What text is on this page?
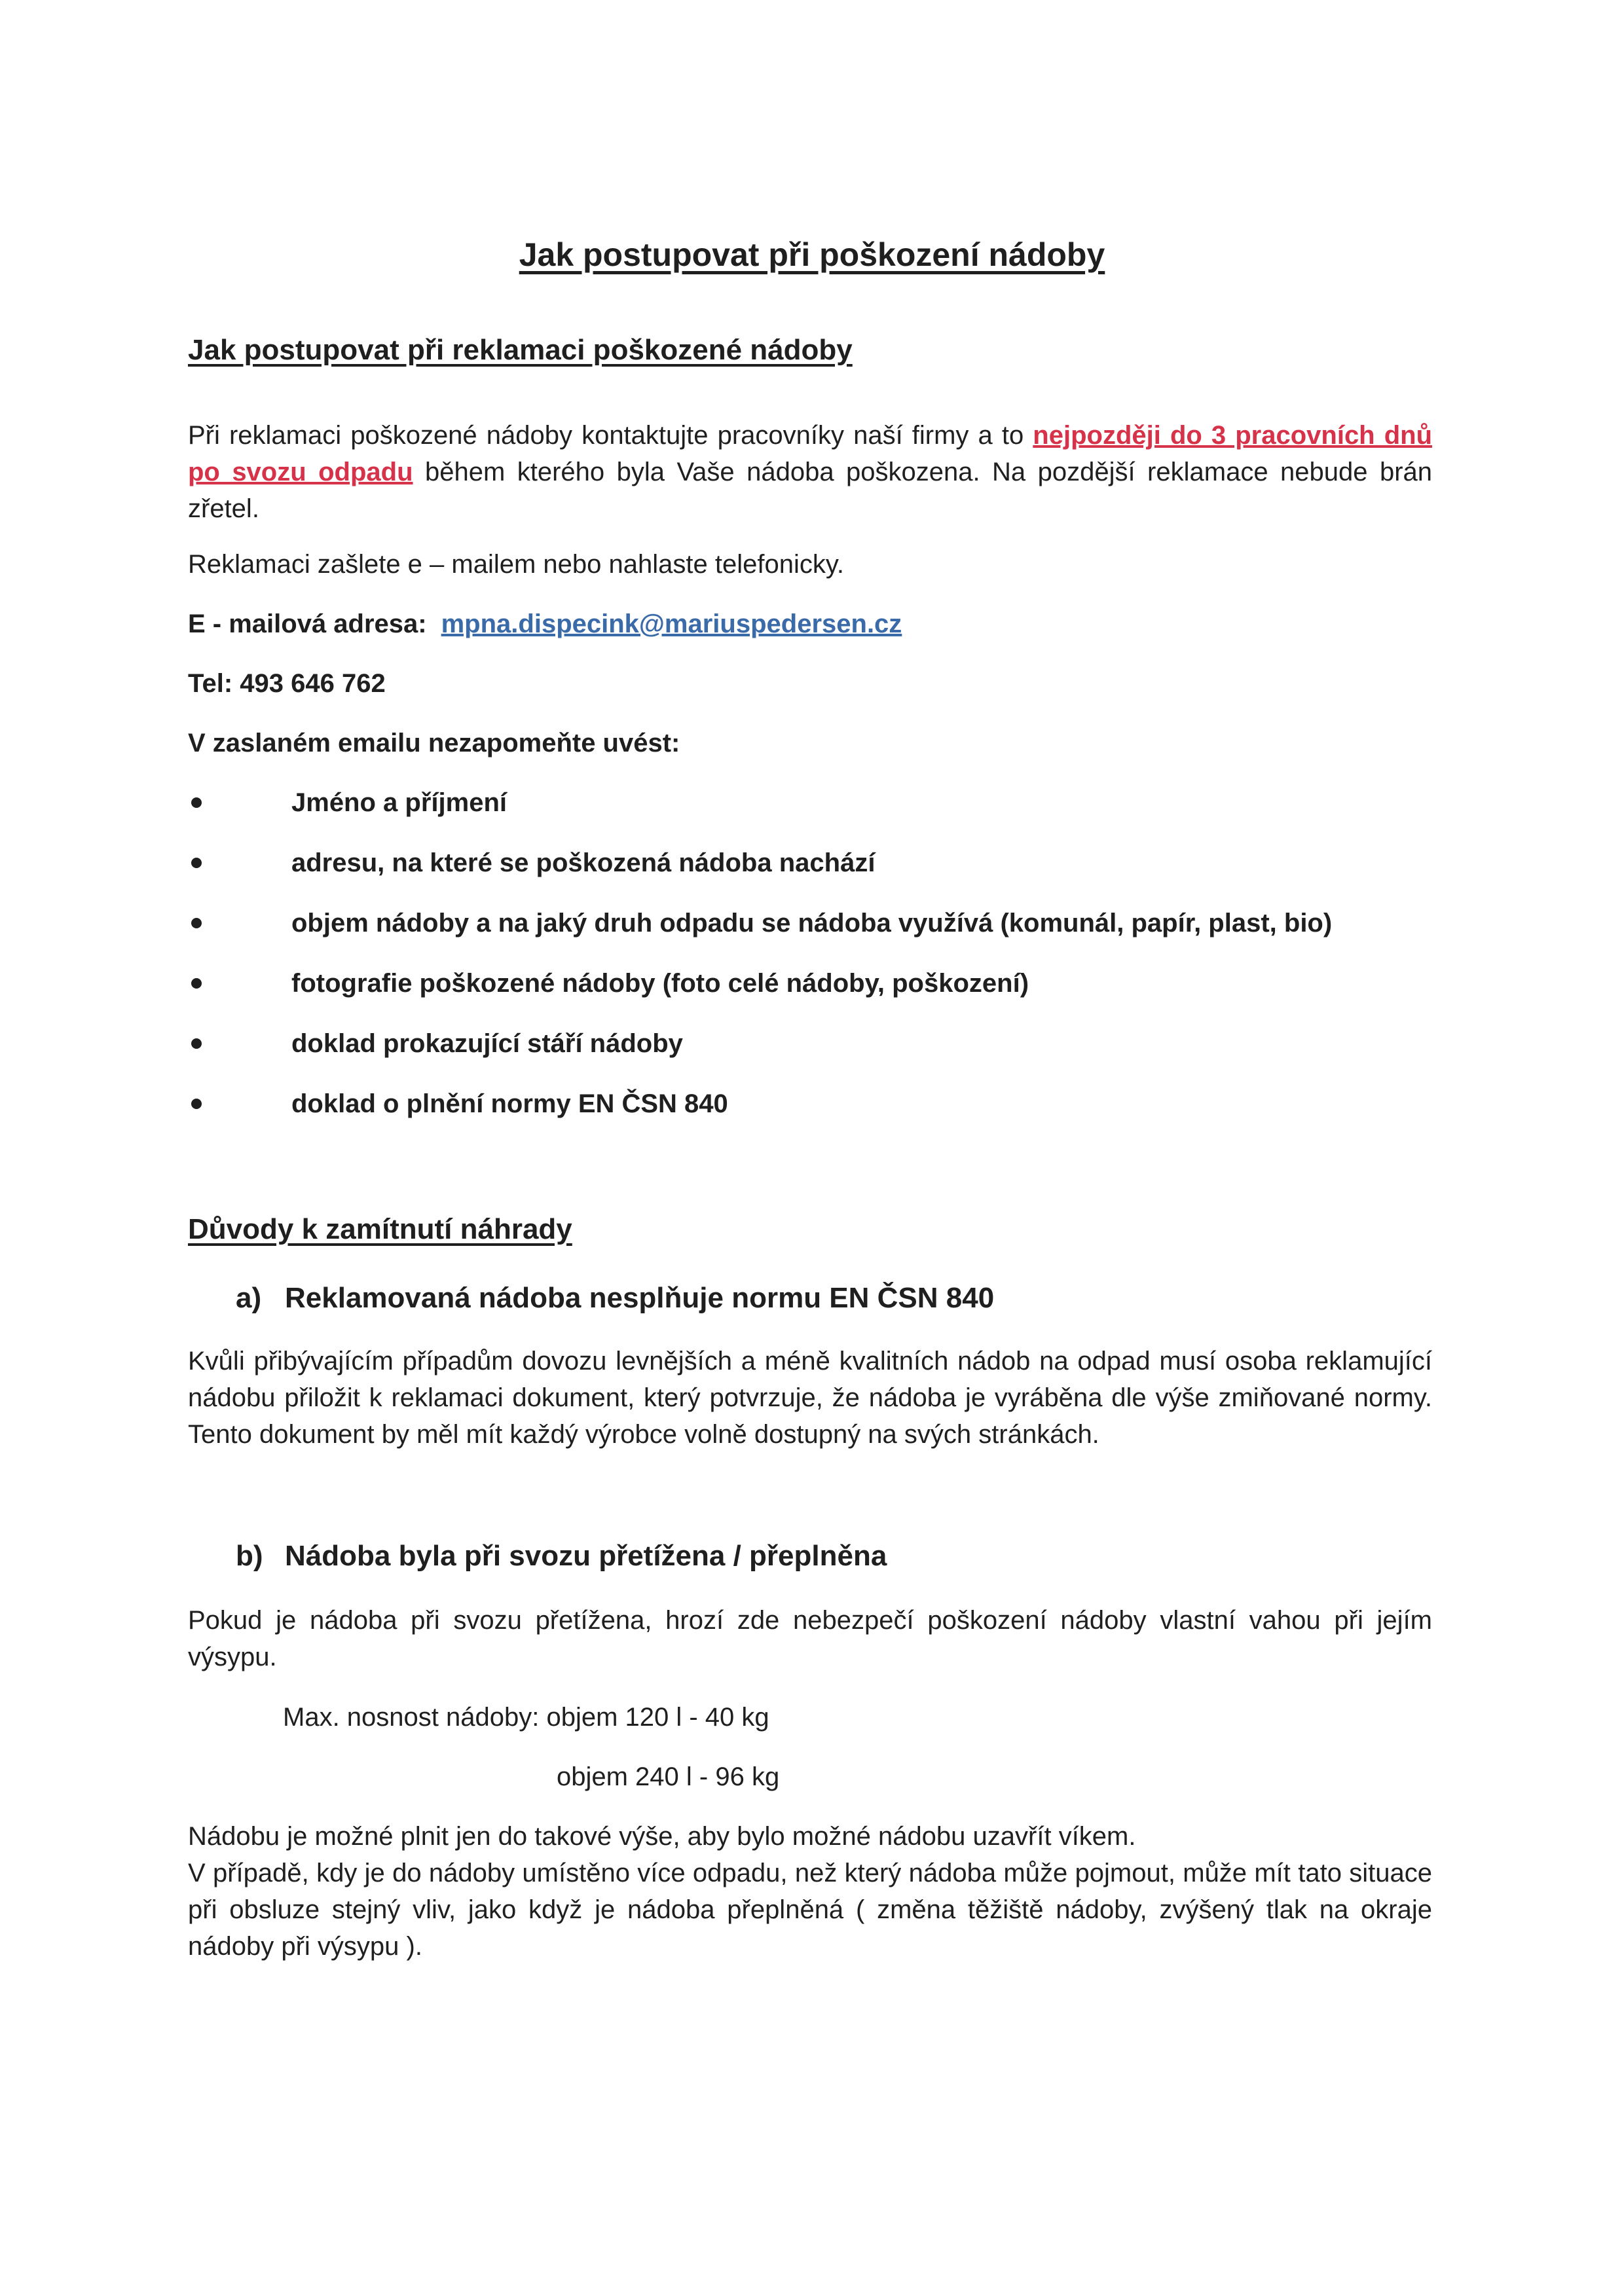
Jak postupovat při poškození nádoby
Jak postupovat při reklamaci poškozené nádoby

Při reklamaci poškozené nádoby kontaktujte pracovníky naší firmy a to nejpozději do 3 pracovních dnů po svozu odpadu během kterého byla Vaše nádoba poškozena. Na pozdější reklamace nebude brán zřetel.

Reklamaci zašlete e – mailem nebo nahlaste telefonicky.

E - mailová adresa: mpna.dispecink@mariuspedersen.cz

Tel: 493 646 762

V zaslaném emailu nezapomeňte uvést:

Jméno a příjmení
adresu, na které se poškozená nádoba nachází
objem nádoby a na jaký druh odpadu se nádoba využívá (komunál, papír, plast, bio)
fotografie poškozené nádoby (foto celé nádoby, poškození)
doklad prokazující stáří nádoby
doklad o plnění normy EN ČSN 840
Důvody k zamítnutí náhrady
a) Reklamovaná nádoba nesplňuje normu EN ČSN 840

Kvůli přibývajícím případům dovozu levnějších a méně kvalitních nádob na odpad musí osoba reklamující nádobu přiložit k reklamaci dokument, který potvrzuje, že nádoba je vyráběna dle výše zmiňované normy. Tento dokument by měl mít každý výrobce volně dostupný na svých stránkách.

b) Nádoba byla při svozu přetížena / přeplněna

Pokud je nádoba při svozu přetížena, hrozí zde nebezpečí poškození nádoby vlastní vahou při jejím výsypu.

Max. nosnost nádoby: objem 120 l - 40 kg

objem 240 l - 96 kg

Nádobu je možné plnit jen do takové výše, aby bylo možné nádobu uzavřít víkem.

V případě, kdy je do nádoby umístěno více odpadu, než který nádoba může pojmout, může mít tato situace při obsluze stejný vliv, jako když je nádoba přeplněná ( změna těžiště nádoby, zvýšený tlak na okraje nádoby při výsypu ).
